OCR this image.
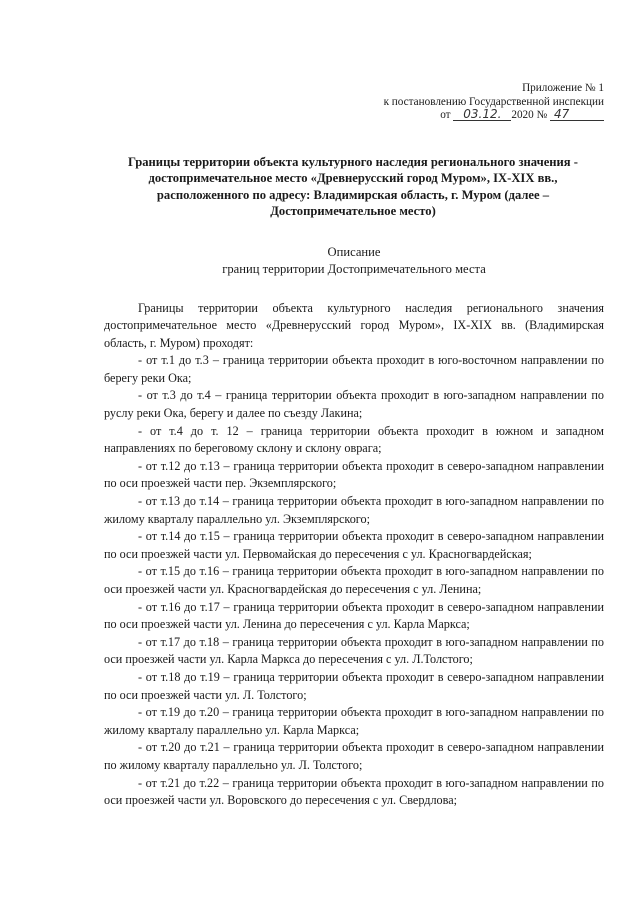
Приложение № 1
к постановлению Государственной инспекции
от 03.12. 2020 № 47
Границы территории объекта культурного наследия регионального значения - достопримечательное место «Древнерусский город Муром», IX-XIX вв., расположенного по адресу: Владимирская область, г. Муром (далее – Достопримечательное место)
Описание
границ территории Достопримечательного места

Границы территории объекта культурного наследия регионального значения достопримечательное место «Древнерусский город Муром», IX-XIX вв. (Владимирская область, г. Муром) проходят:

- от т.1 до т.3 – граница территории объекта проходит в юго-восточном направлении по берегу реки Ока;

- от т.3 до т.4 – граница территории объекта проходит в юго-западном направлении по руслу реки Ока, берегу и далее по съезду Лакина;

- от т.4 до т. 12 – граница территории объекта проходит в южном и западном направлениях по береговому склону и склону оврага;

- от т.12 до т.13 – граница территории объекта проходит в северо-западном направлении по оси проезжей части пер. Экземплярского;

- от т.13 до т.14 – граница территории объекта проходит в юго-западном направлении по жилому кварталу параллельно ул. Экземплярского;

- от т.14 до т.15 – граница территории объекта проходит в северо-западном направлении по оси проезжей части ул. Первомайская до пересечения с ул. Красногвардейская;

- от т.15 до т.16 – граница территории объекта проходит в юго-западном направлении по оси проезжей части ул. Красногвардейская до пересечения с ул. Ленина;

- от т.16 до т.17 – граница территории объекта проходит в северо-западном направлении по оси проезжей части ул. Ленина до пересечения с ул. Карла Маркса;

- от т.17 до т.18 – граница территории объекта проходит в юго-западном направлении по оси проезжей части ул. Карла Маркса до пересечения с ул. Л.Толстого;

- от т.18 до т.19 – граница территории объекта проходит в северо-западном направлении по оси проезжей части ул. Л. Толстого;

- от т.19 до т.20 – граница территории объекта проходит в юго-западном направлении по жилому кварталу параллельно ул. Карла Маркса;

- от т.20 до т.21 – граница территории объекта проходит в северо-западном направлении по жилому кварталу параллельно ул. Л. Толстого;

- от т.21 до т.22 – граница территории объекта проходит в юго-западном направлении по оси проезжей части ул. Воровского до пересечения с ул. Свердлова;
